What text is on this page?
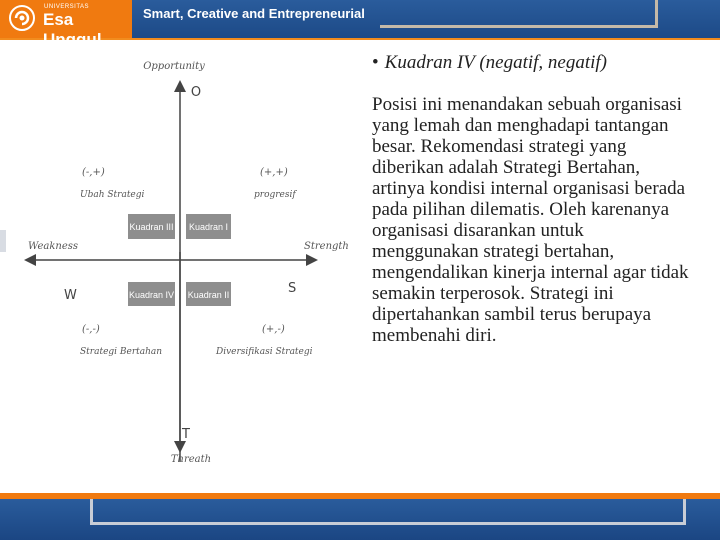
UNIVERSITAS
Esa Unggul
Smart, Creative and Entrepreneurial
Opportunity
O
T
Threath
Weakness
W
Strength
S
(-,+)
Ubah Strategi
(+,+)
progresif
(-,-)
Strategi Bertahan
(+,-)
Diversifikasi Strategi
Kuadran III Kuadran I
Kuadran IV Kuadran II

• Kuadran IV (negatif, negatif)

Posisi ini menandakan sebuah organisasi yang lemah dan menghadapi tantangan besar. Rekomendasi strategi yang diberikan adalah Strategi Bertahan, artinya kondisi internal organisasi berada pada pilihan dilematis. Oleh karenanya organisasi disarankan untuk menggunakan strategi bertahan, mengendalikan kinerja internal agar tidak semakin terperosok. Strategi ini dipertahankan sambil terus berupaya membenahi diri.
